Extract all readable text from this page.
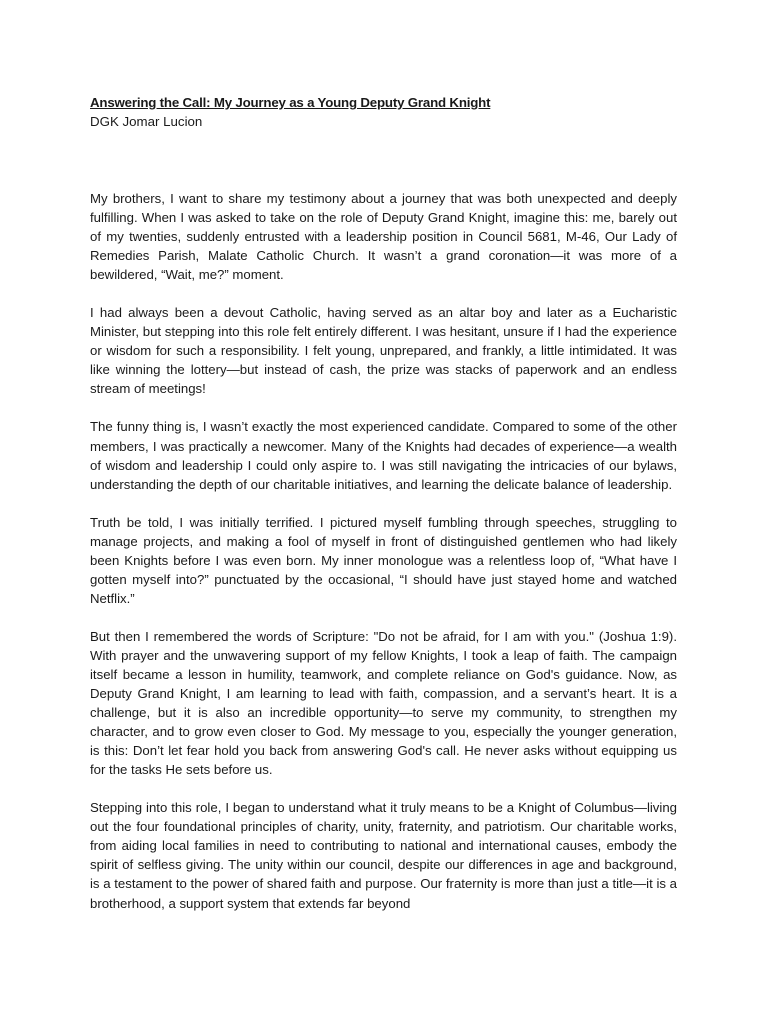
Answering the Call: My Journey as a Young Deputy Grand Knight

DGK Jomar Lucion

My brothers, I want to share my testimony about a journey that was both unexpected and deeply fulfilling. When I was asked to take on the role of Deputy Grand Knight, imagine this: me, barely out of my twenties, suddenly entrusted with a leadership position in Council 5681, M-46, Our Lady of Remedies Parish, Malate Catholic Church. It wasn’t a grand coronation—it was more of a bewildered, “Wait, me?” moment.

I had always been a devout Catholic, having served as an altar boy and later as a Eucharistic Minister, but stepping into this role felt entirely different. I was hesitant, unsure if I had the experience or wisdom for such a responsibility. I felt young, unprepared, and frankly, a little intimidated. It was like winning the lottery—but instead of cash, the prize was stacks of paperwork and an endless stream of meetings!

The funny thing is, I wasn’t exactly the most experienced candidate. Compared to some of the other members, I was practically a newcomer. Many of the Knights had decades of experience—a wealth of wisdom and leadership I could only aspire to. I was still navigating the intricacies of our bylaws, understanding the depth of our charitable initiatives, and learning the delicate balance of leadership.

Truth be told, I was initially terrified. I pictured myself fumbling through speeches, struggling to manage projects, and making a fool of myself in front of distinguished gentlemen who had likely been Knights before I was even born. My inner monologue was a relentless loop of, “What have I gotten myself into?” punctuated by the occasional, “I should have just stayed home and watched Netflix.”

But then I remembered the words of Scripture: "Do not be afraid, for I am with you." (Joshua 1:9). With prayer and the unwavering support of my fellow Knights, I took a leap of faith. The campaign itself became a lesson in humility, teamwork, and complete reliance on God's guidance. Now, as Deputy Grand Knight, I am learning to lead with faith, compassion, and a servant’s heart. It is a challenge, but it is also an incredible opportunity—to serve my community, to strengthen my character, and to grow even closer to God. My message to you, especially the younger generation, is this: Don’t let fear hold you back from answering God's call. He never asks without equipping us for the tasks He sets before us.

Stepping into this role, I began to understand what it truly means to be a Knight of Columbus—living out the four foundational principles of charity, unity, fraternity, and patriotism. Our charitable works, from aiding local families in need to contributing to national and international causes, embody the spirit of selfless giving. The unity within our council, despite our differences in age and background, is a testament to the power of shared faith and purpose. Our fraternity is more than just a title—it is a brotherhood, a support system that extends far beyond
